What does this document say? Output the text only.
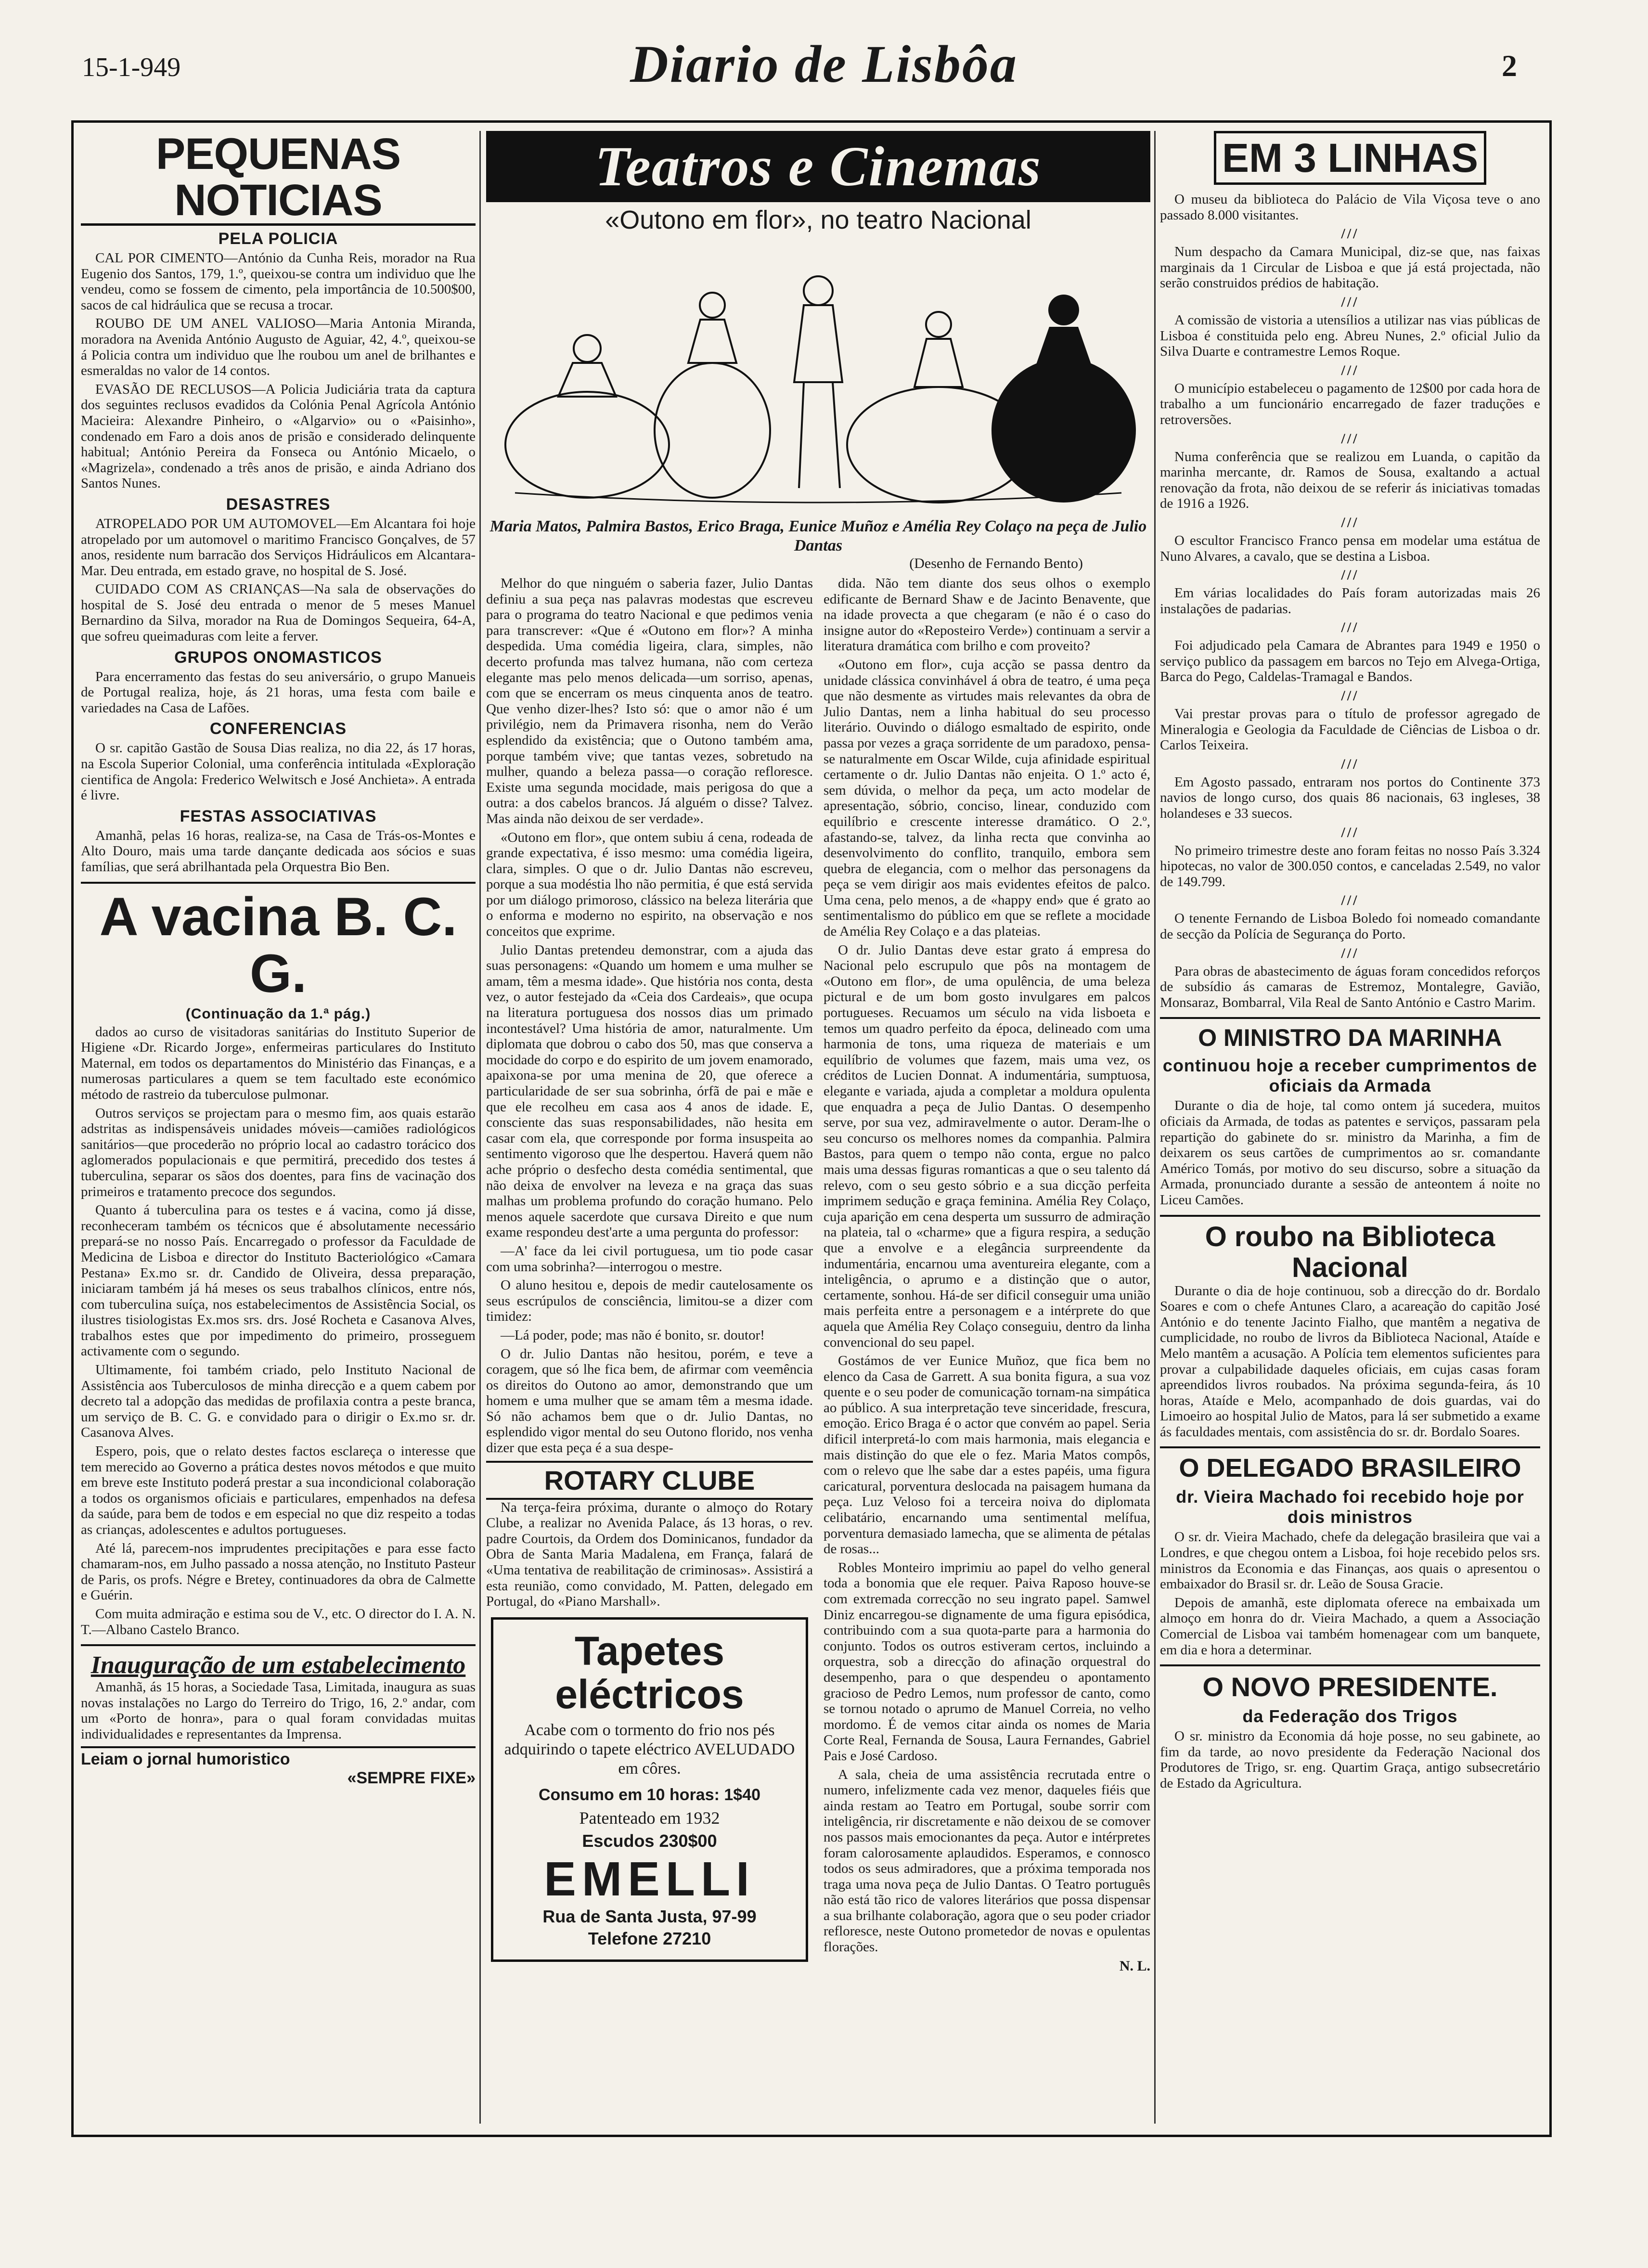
15-1-949	Diario de Lisbôa	2
PEQUENAS NOTICIAS
PELA POLICIA

CAL POR CIMENTO—António da Cunha Reis, morador na Rua Eugenio dos Santos, 179, 1.º, queixou-se contra um individuo que lhe vendeu, como se fossem de cimento, pela importância de 10.500$00, sacos de cal hidráulica que se recusa a trocar.

ROUBO DE UM ANEL VALIOSO—Maria Antonia Miranda, moradora na Avenida António Augusto de Aguiar, 42, 4.º, queixou-se á Policia contra um individuo que lhe roubou um anel de brilhantes e esmeraldas no valor de 14 contos.

EVASÃO DE RECLUSOS—A Policia Judiciária trata da captura dos seguintes reclusos evadidos da Colónia Penal Agrícola António Macieira: Alexandre Pinheiro, o «Algarvio» ou o «Paisinho», condenado em Faro a dois anos de prisão e considerado delinquente habitual; António Pereira da Fonseca ou António Micaelo, o «Magrizela», condenado a três anos de prisão, e ainda Adriano dos Santos Nunes.

DESASTRES

ATROPELADO POR UM AUTOMOVEL—Em Alcantara foi hoje atropelado por um automovel o maritimo Francisco Gonçalves, de 57 anos, residente num barracão dos Serviços Hidráulicos em Alcantara-Mar. Deu entrada, em estado grave, no hospital de S. José.

CUIDADO COM AS CRIANÇAS—Na sala de observações do hospital de S. José deu entrada o menor de 5 meses Manuel Bernardino da Silva, morador na Rua de Domingos Sequeira, 64-A, que sofreu queimaduras com leite a ferver.

GRUPOS ONOMASTICOS

Para encerramento das festas do seu aniversário, o grupo Manueis de Portugal realiza, hoje, ás 21 horas, uma festa com baile e variedades na Casa de Lafões.

CONFERENCIAS

O sr. capitão Gastão de Sousa Dias realiza, no dia 22, ás 17 horas, na Escola Superior Colonial, uma conferência intitulada «Exploração cientifica de Angola: Frederico Welwitsch e José Anchieta». A entrada é livre.

FESTAS ASSOCIATIVAS

Amanhã, pelas 16 horas, realiza-se, na Casa de Trás-os-Montes e Alto Douro, mais uma tarde dançante dedicada aos sócios e suas famílias, que será abrilhantada pela Orquestra Bio Ben.

A vacina B. C. G.
(Continuação da 1.ª pág.)

dados ao curso de visitadoras sanitárias do Instituto Superior de Higiene «Dr. Ricardo Jorge», enfermeiras particulares do Instituto Maternal, em todos os departamentos do Ministério das Finanças, e a numerosas particulares a quem se tem facultado este económico método de rastreio da tuberculose pulmonar.

Outros serviços se projectam para o mesmo fim, aos quais estarão adstritas as indispensáveis unidades móveis—camiões radiológicos sanitários—que procederão no próprio local ao cadastro torácico dos aglomerados populacionais e que permitirá, precedido dos testes á tuberculina, separar os sãos dos doentes, para fins de vacinação dos primeiros e tratamento precoce dos segundos.

Quanto á tuberculina para os testes e á vacina, como já disse, reconheceram também os técnicos que é absolutamente necessário prepará-se no nosso País. Encarregado o professor da Faculdade de Medicina de Lisboa e director do Instituto Bacteriológico «Camara Pestana» Ex.mo sr. dr. Candido de Oliveira, dessa preparação, iniciaram também já há meses os seus trabalhos clínicos, entre nós, com tuberculina suíça, nos estabelecimentos de Assistência Social, os ilustres tisiologistas Ex.mos srs. drs. José Rocheta e Casanova Alves, trabalhos estes que por impedimento do primeiro, prosseguem activamente com o segundo.

Ultimamente, foi também criado, pelo Instituto Nacional de Assistência aos Tuberculosos de minha direcção e a quem cabem por decreto tal a adopção das medidas de profilaxia contra a peste branca, um serviço de B. C. G. e convidado para o dirigir o Ex.mo sr. dr. Casanova Alves.

Espero, pois, que o relato destes factos esclareça o interesse que tem merecido ao Governo a prática destes novos métodos e que muito em breve este Instituto poderá prestar a sua incondicional colaboração a todos os organismos oficiais e particulares, empenhados na defesa da saúde, para bem de todos e em especial no que diz respeito a todas as crianças, adolescentes e adultos portugueses.

Até lá, parecem-nos imprudentes precipitações e para esse facto chamaram-nos, em Julho passado a nossa atenção, no Instituto Pasteur de Paris, os profs. Négre e Bretey, continuadores da obra de Calmette e Guérin.

Com muita admiração e estima sou de V., etc. O director do I. A. N. T.—Albano Castelo Branco.

Inauguração de um estabelecimento

Amanhã, ás 15 horas, a Sociedade Tasa, Limitada, inaugura as suas novas instalações no Largo do Terreiro do Trigo, 16, 2.º andar, com um «Porto de honra», para o qual foram convidadas muitas individualidades e representantes da Imprensa.

Leiam o jornal humoristico
«SEMPRE FIXE»
Teatros e Cinemas
«Outono em flor», no teatro Nacional
Maria Matos, Palmira Bastos, Erico Braga, Eunice Muñoz e Amélia Rey Colaço na peça de Julio Dantas
(Desenho de Fernando Bento)

Melhor do que ninguém o saberia fazer, Julio Dantas definiu a sua peça nas palavras modestas que escreveu para o programa do teatro Nacional e que pedimos venia para transcrever: «Que é «Outono em flor»? A minha despedida. Uma comédia ligeira, clara, simples, não decerto profunda mas talvez humana, não com certeza elegante mas pelo menos delicada—um sorriso, apenas, com que se encerram os meus cinquenta anos de teatro. Que venho dizer-lhes? Isto só: que o amor não é um privilégio, nem da Primavera risonha, nem do Verão esplendido da existência; que o Outono também ama, porque também vive; que tantas vezes, sobretudo na mulher, quando a beleza passa—o coração refloresce. Existe uma segunda mocidade, mais perigosa do que a outra: a dos cabelos brancos. Já alguém o disse? Talvez. Mas ainda não deixou de ser verdade».

«Outono em flor», que ontem subiu á cena, rodeada de grande expectativa, é isso mesmo: uma comédia ligeira, clara, simples. O que o dr. Julio Dantas não escreveu, porque a sua modéstia lho não permitia, é que está servida por um diálogo primoroso, clássico na beleza literária que o enforma e moderno no espirito, na observação e nos conceitos que exprime.

Julio Dantas pretendeu demonstrar, com a ajuda das suas personagens: «Quando um homem e uma mulher se amam, têm a mesma idade». Que história nos conta, desta vez, o autor festejado da «Ceia dos Cardeais», que ocupa na literatura portuguesa dos nossos dias um primado incontestável? Uma história de amor, naturalmente. Um diplomata que dobrou o cabo dos 50, mas que conserva a mocidade do corpo e do espirito de um jovem enamorado, apaixona-se por uma menina de 20, que oferece a particularidade de ser sua sobrinha, órfã de pai e mãe e que ele recolheu em casa aos 4 anos de idade. E, consciente das suas responsabilidades, não hesita em casar com ela, que corresponde por forma insuspeita ao sentimento vigoroso que lhe despertou. Haverá quem não ache próprio o desfecho desta comédia sentimental, que não deixa de envolver na leveza e na graça das suas malhas um problema profundo do coração humano. Pelo menos aquele sacerdote que cursava Direito e que num exame respondeu dest'arte a uma pergunta do professor:

—A' face da lei civil portuguesa, um tio pode casar com uma sobrinha?—interrogou o mestre.

O aluno hesitou e, depois de medir cautelosamente os seus escrúpulos de consciência, limitou-se a dizer com timidez:

—Lá poder, pode; mas não é bonito, sr. doutor!

O dr. Julio Dantas não hesitou, porém, e teve a coragem, que só lhe fica bem, de afirmar com veemência os direitos do Outono ao amor, demonstrando que um homem e uma mulher que se amam têm a mesma idade. Só não achamos bem que o dr. Julio Dantas, no esplendido vigor mental do seu Outono florido, nos venha dizer que esta peça é a sua despe-

ROTARY CLUBE

Na terça-feira próxima, durante o almoço do Rotary Clube, a realizar no Avenida Palace, ás 13 horas, o rev. padre Courtois, da Ordem dos Dominicanos, fundador da Obra de Santa Maria Madalena, em França, falará de «Uma tentativa de reabilitação de criminosas». Assistirá a esta reunião, como convidado, M. Patten, delegado em Portugal, do «Piano Marshall».

Tapetes eléctricos
Acabe com o tormento do frio nos pés adquirindo o tapete eléctrico AVELUDADO em côres.
Consumo em 10 horas: 1$40
Patenteado em 1932
Escudos 230$00
EMELLI
Rua de Santa Justa, 97-99
Telefone 27210

dida. Não tem diante dos seus olhos o exemplo edificante de Bernard Shaw e de Jacinto Benavente, que na idade provecta a que chegaram (e não é o caso do insigne autor do «Reposteiro Verde») continuam a servir a literatura dramática com brilho e com proveito?

«Outono em flor», cuja acção se passa dentro da unidade clássica convinhável á obra de teatro, é uma peça que não desmente as virtudes mais relevantes da obra de Julio Dantas, nem a linha habitual do seu processo literário. Ouvindo o diálogo esmaltado de espirito, onde passa por vezes a graça sorridente de um paradoxo, pensa-se naturalmente em Oscar Wilde, cuja afinidade espiritual certamente o dr. Julio Dantas não enjeita. O 1.º acto é, sem dúvida, o melhor da peça, um acto modelar de apresentação, sóbrio, conciso, linear, conduzido com equilíbrio e crescente interesse dramático. O 2.º, afastando-se, talvez, da linha recta que convinha ao desenvolvimento do conflito, tranquilo, embora sem quebra de elegancia, com o melhor das personagens da peça se vem dirigir aos mais evidentes efeitos de palco. Uma cena, pelo menos, a de «happy end» que é grato ao sentimentalismo do público em que se reflete a mocidade de Amélia Rey Colaço e a das plateias.

O dr. Julio Dantas deve estar grato á empresa do Nacional pelo escrupulo que pôs na montagem de «Outono em flor», de uma opulência, de uma beleza pictural e de um bom gosto invulgares em palcos portugueses. Recuamos um século na vida lisboeta e temos um quadro perfeito da época, delineado com uma harmonia de tons, uma riqueza de materiais e um equilíbrio de volumes que fazem, mais uma vez, os créditos de Lucien Donnat. A indumentária, sumptuosa, elegante e variada, ajuda a completar a moldura opulenta que enquadra a peça de Julio Dantas. O desempenho serve, por sua vez, admiravelmente o autor. Deram-lhe o seu concurso os melhores nomes da companhia. Palmira Bastos, para quem o tempo não conta, ergue no palco mais uma dessas figuras romanticas a que o seu talento dá relevo, com o seu gesto sóbrio e a sua dicção perfeita imprimem sedução e graça feminina. Amélia Rey Colaço, cuja aparição em cena desperta um sussurro de admiração na plateia, tal o «charme» que a figura respira, a sedução que a envolve e a elegância surpreendente da indumentária, encarnou uma aventureira elegante, com a inteligência, o aprumo e a distinção que o autor, certamente, sonhou. Há-de ser dificil conseguir uma união mais perfeita entre a personagem e a intérprete do que aquela que Amélia Rey Colaço conseguiu, dentro da linha convencional do seu papel.

Gostámos de ver Eunice Muñoz, que fica bem no elenco da Casa de Garrett. A sua bonita figura, a sua voz quente e o seu poder de comunicação tornam-na simpática ao público. A sua interpretação teve sinceridade, frescura, emoção. Erico Braga é o actor que convém ao papel. Seria dificil interpretá-lo com mais harmonia, mais elegancia e mais distinção do que ele o fez. Maria Matos compôs, com o relevo que lhe sabe dar a estes papéis, uma figura caricatural, porventura deslocada na paisagem humana da peça. Luz Veloso foi a terceira noiva do diplomata celibatário, encarnando uma sentimental melífua, porventura demasiado lamecha, que se alimenta de pétalas de rosas...

Robles Monteiro imprimiu ao papel do velho general toda a bonomia que ele requer. Paiva Raposo houve-se com extremada correcção no seu ingrato papel. Samwel Diniz encarregou-se dignamente de uma figura episódica, contribuindo com a sua quota-parte para a harmonia do conjunto. Todos os outros estiveram certos, incluindo a orquestra, sob a direcção do afinação orquestral do desempenho, para o que despendeu o apontamento gracioso de Pedro Lemos, num professor de canto, como se tornou notado o aprumo de Manuel Correia, no velho mordomo. É de vemos citar ainda os nomes de Maria Corte Real, Fernanda de Sousa, Laura Fernandes, Gabriel Pais e José Cardoso.

A sala, cheia de uma assistência recrutada entre o numero, infelizmente cada vez menor, daqueles fiéis que ainda restam ao Teatro em Portugal, soube sorrir com inteligência, rir discretamente e não deixou de se comover nos passos mais emocionantes da peça. Autor e intérpretes foram calorosamente aplaudidos. Esperamos, e connosco todos os seus admiradores, que a próxima temporada nos traga uma nova peça de Julio Dantas. O Teatro português não está tão rico de valores literários que possa dispensar a sua brilhante colaboração, agora que o seu poder criador refloresce, neste Outono prometedor de novas e opulentas florações.

N. L.
EM 3 LINHAS

O museu da biblioteca do Palácio de Vila Viçosa teve o ano passado 8.000 visitantes.

///

Num despacho da Camara Municipal, diz-se que, nas faixas marginais da 1 Circular de Lisboa e que já está projectada, não serão construidos prédios de habitação.

///

A comissão de vistoria a utensílios a utilizar nas vias públicas de Lisboa é constituida pelo eng. Abreu Nunes, 2.º oficial Julio da Silva Duarte e contramestre Lemos Roque.

///

O município estabeleceu o pagamento de 12$00 por cada hora de trabalho a um funcionário encarregado de fazer traduções e retroversões.

///

Numa conferência que se realizou em Luanda, o capitão da marinha mercante, dr. Ramos de Sousa, exaltando a actual renovação da frota, não deixou de se referir ás iniciativas tomadas de 1916 a 1926.

///

O escultor Francisco Franco pensa em modelar uma estátua de Nuno Alvares, a cavalo, que se destina a Lisboa.

///

Em várias localidades do País foram autorizadas mais 26 instalações de padarias.

///

Foi adjudicado pela Camara de Abrantes para 1949 e 1950 o serviço publico da passagem em barcos no Tejo em Alvega-Ortiga, Barca do Pego, Caldelas-Tramagal e Bandos.

///

Vai prestar provas para o título de professor agregado de Mineralogia e Geologia da Faculdade de Ciências de Lisboa o dr. Carlos Teixeira.

///

Em Agosto passado, entraram nos portos do Continente 373 navios de longo curso, dos quais 86 nacionais, 63 ingleses, 38 holandeses e 33 suecos.

///

No primeiro trimestre deste ano foram feitas no nosso País 3.324 hipotecas, no valor de 300.050 contos, e canceladas 2.549, no valor de 149.799.

///

O tenente Fernando de Lisboa Boledo foi nomeado comandante de secção da Polícia de Segurança do Porto.

///

Para obras de abastecimento de águas foram concedidos reforços de subsídio ás camaras de Estremoz, Montalegre, Gavião, Monsaraz, Bombarral, Vila Real de Santo António e Castro Marim.

O MINISTRO DA MARINHA
continuou hoje a receber cumprimentos de oficiais da Armada

Durante o dia de hoje, tal como ontem já sucedera, muitos oficiais da Armada, de todas as patentes e serviços, passaram pela repartição do gabinete do sr. ministro da Marinha, a fim de deixarem os seus cartões de cumprimentos ao sr. comandante Américo Tomás, por motivo do seu discurso, sobre a situação da Armada, pronunciado durante a sessão de anteontem á noite no Liceu Camões.

O roubo na Biblioteca Nacional

Durante o dia de hoje continuou, sob a direcção do dr. Bordalo Soares e com o chefe Antunes Claro, a acareação do capitão José António e do tenente Jacinto Fialho, que mantêm a negativa de cumplicidade, no roubo de livros da Biblioteca Nacional, Ataíde e Melo mantêm a acusação. A Polícia tem elementos suficientes para provar a culpabilidade daqueles oficiais, em cujas casas foram apreendidos livros roubados. Na próxima segunda-feira, ás 10 horas, Ataíde e Melo, acompanhado de dois guardas, vai do Limoeiro ao hospital Julio de Matos, para lá ser submetido a exame ás faculdades mentais, com assistência do sr. dr. Bordalo Soares.

O DELEGADO BRASILEIRO
dr. Vieira Machado foi recebido hoje por dois ministros

O sr. dr. Vieira Machado, chefe da delegação brasileira que vai a Londres, e que chegou ontem a Lisboa, foi hoje recebido pelos srs. ministros da Economia e das Finanças, aos quais o apresentou o embaixador do Brasil sr. dr. Leão de Sousa Gracie.

Depois de amanhã, este diplomata oferece na embaixada um almoço em honra do dr. Vieira Machado, a quem a Associação Comercial de Lisboa vai também homenagear com um banquete, em dia e hora a determinar.

O NOVO PRESIDENTE.
da Federação dos Trigos

O sr. ministro da Economia dá hoje posse, no seu gabinete, ao fim da tarde, ao novo presidente da Federação Nacional dos Produtores de Trigo, sr. eng. Quartim Graça, antigo subsecretário de Estado da Agricultura.
